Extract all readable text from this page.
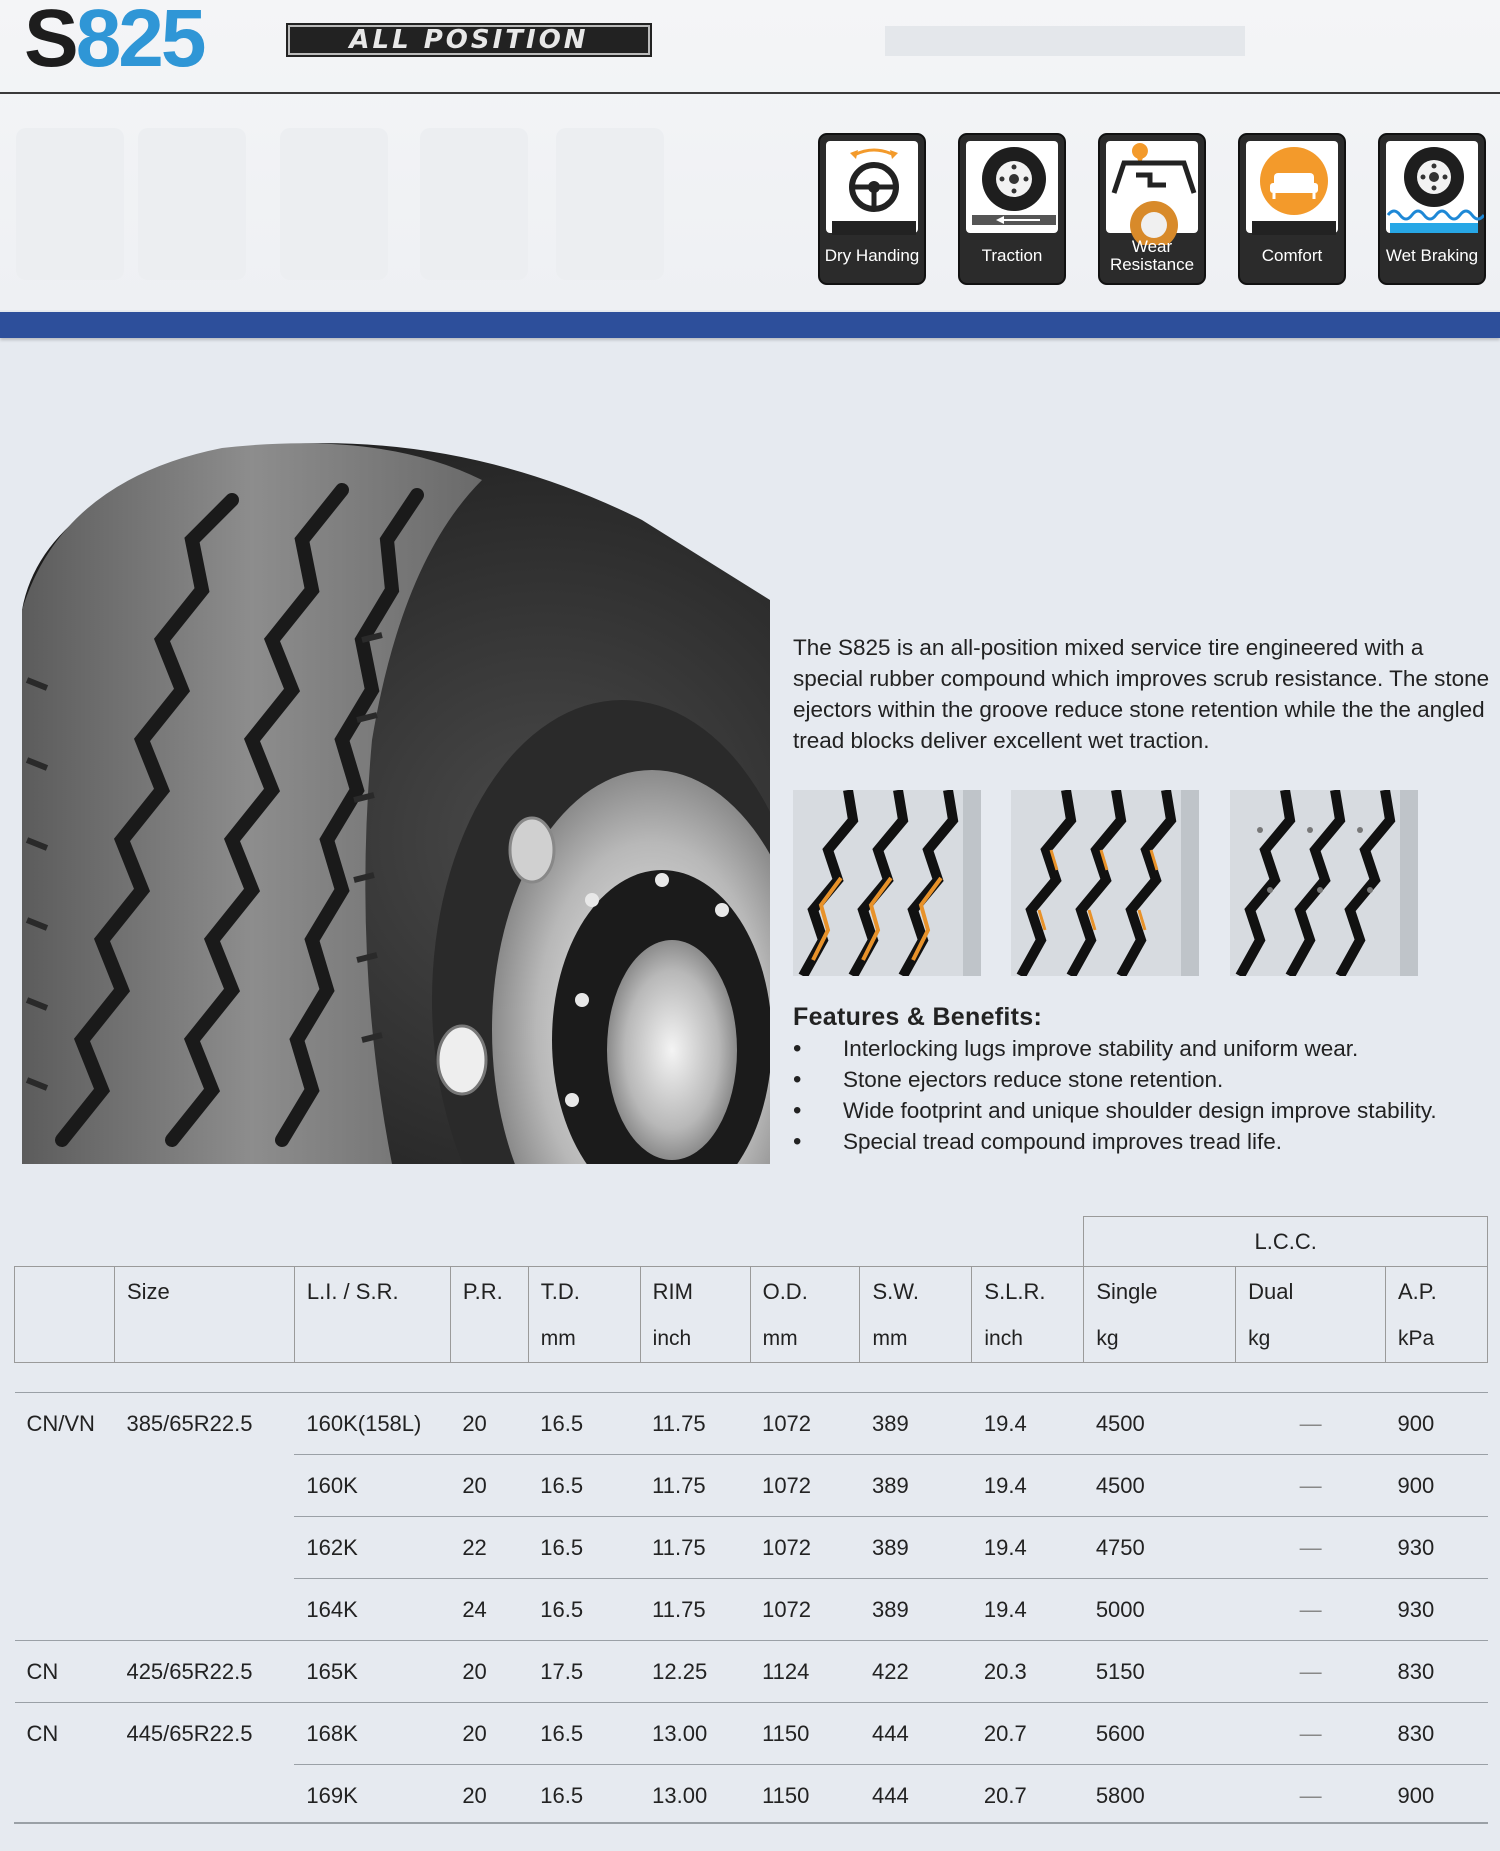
S825	ALL POSITION
Dry Handing	Traction	Wear Resistance	Comfort	Wet Braking
The S825 is an all-position mixed service tire engineered with a special rubber compound which improves scrub resistance. The stone ejectors within the groove reduce stone retention while the the angled tread blocks deliver excellent wet traction.
Features & Benefits:
• Interlocking lugs improve stability and uniform wear.
• Stone ejectors reduce stone retention.
• Wide footprint and unique shoulder design improve stability.
• Special tread compound improves tread life.
									L.C.C.		
	Size	L.I. / S.R.	P.R.	T.D.	RIM	O.D.	S.W.	S.L.R.	Single	Dual	A.P.
				mm	inch	mm	mm	inch	kg	kg	kPa

CN/VN	385/65R22.5	160K(158L)	20	16.5	11.75	1072	389	19.4	4500	—	900
		160K	20	16.5	11.75	1072	389	19.4	4500	—	900
		162K	22	16.5	11.75	1072	389	19.4	4750	—	930
		164K	24	16.5	11.75	1072	389	19.4	5000	—	930
CN	425/65R22.5	165K	20	17.5	12.25	1124	422	20.3	5150	—	830
CN	445/65R22.5	168K	20	16.5	13.00	1150	444	20.7	5600	—	830
		169K	20	16.5	13.00	1150	444	20.7	5800	—	900
